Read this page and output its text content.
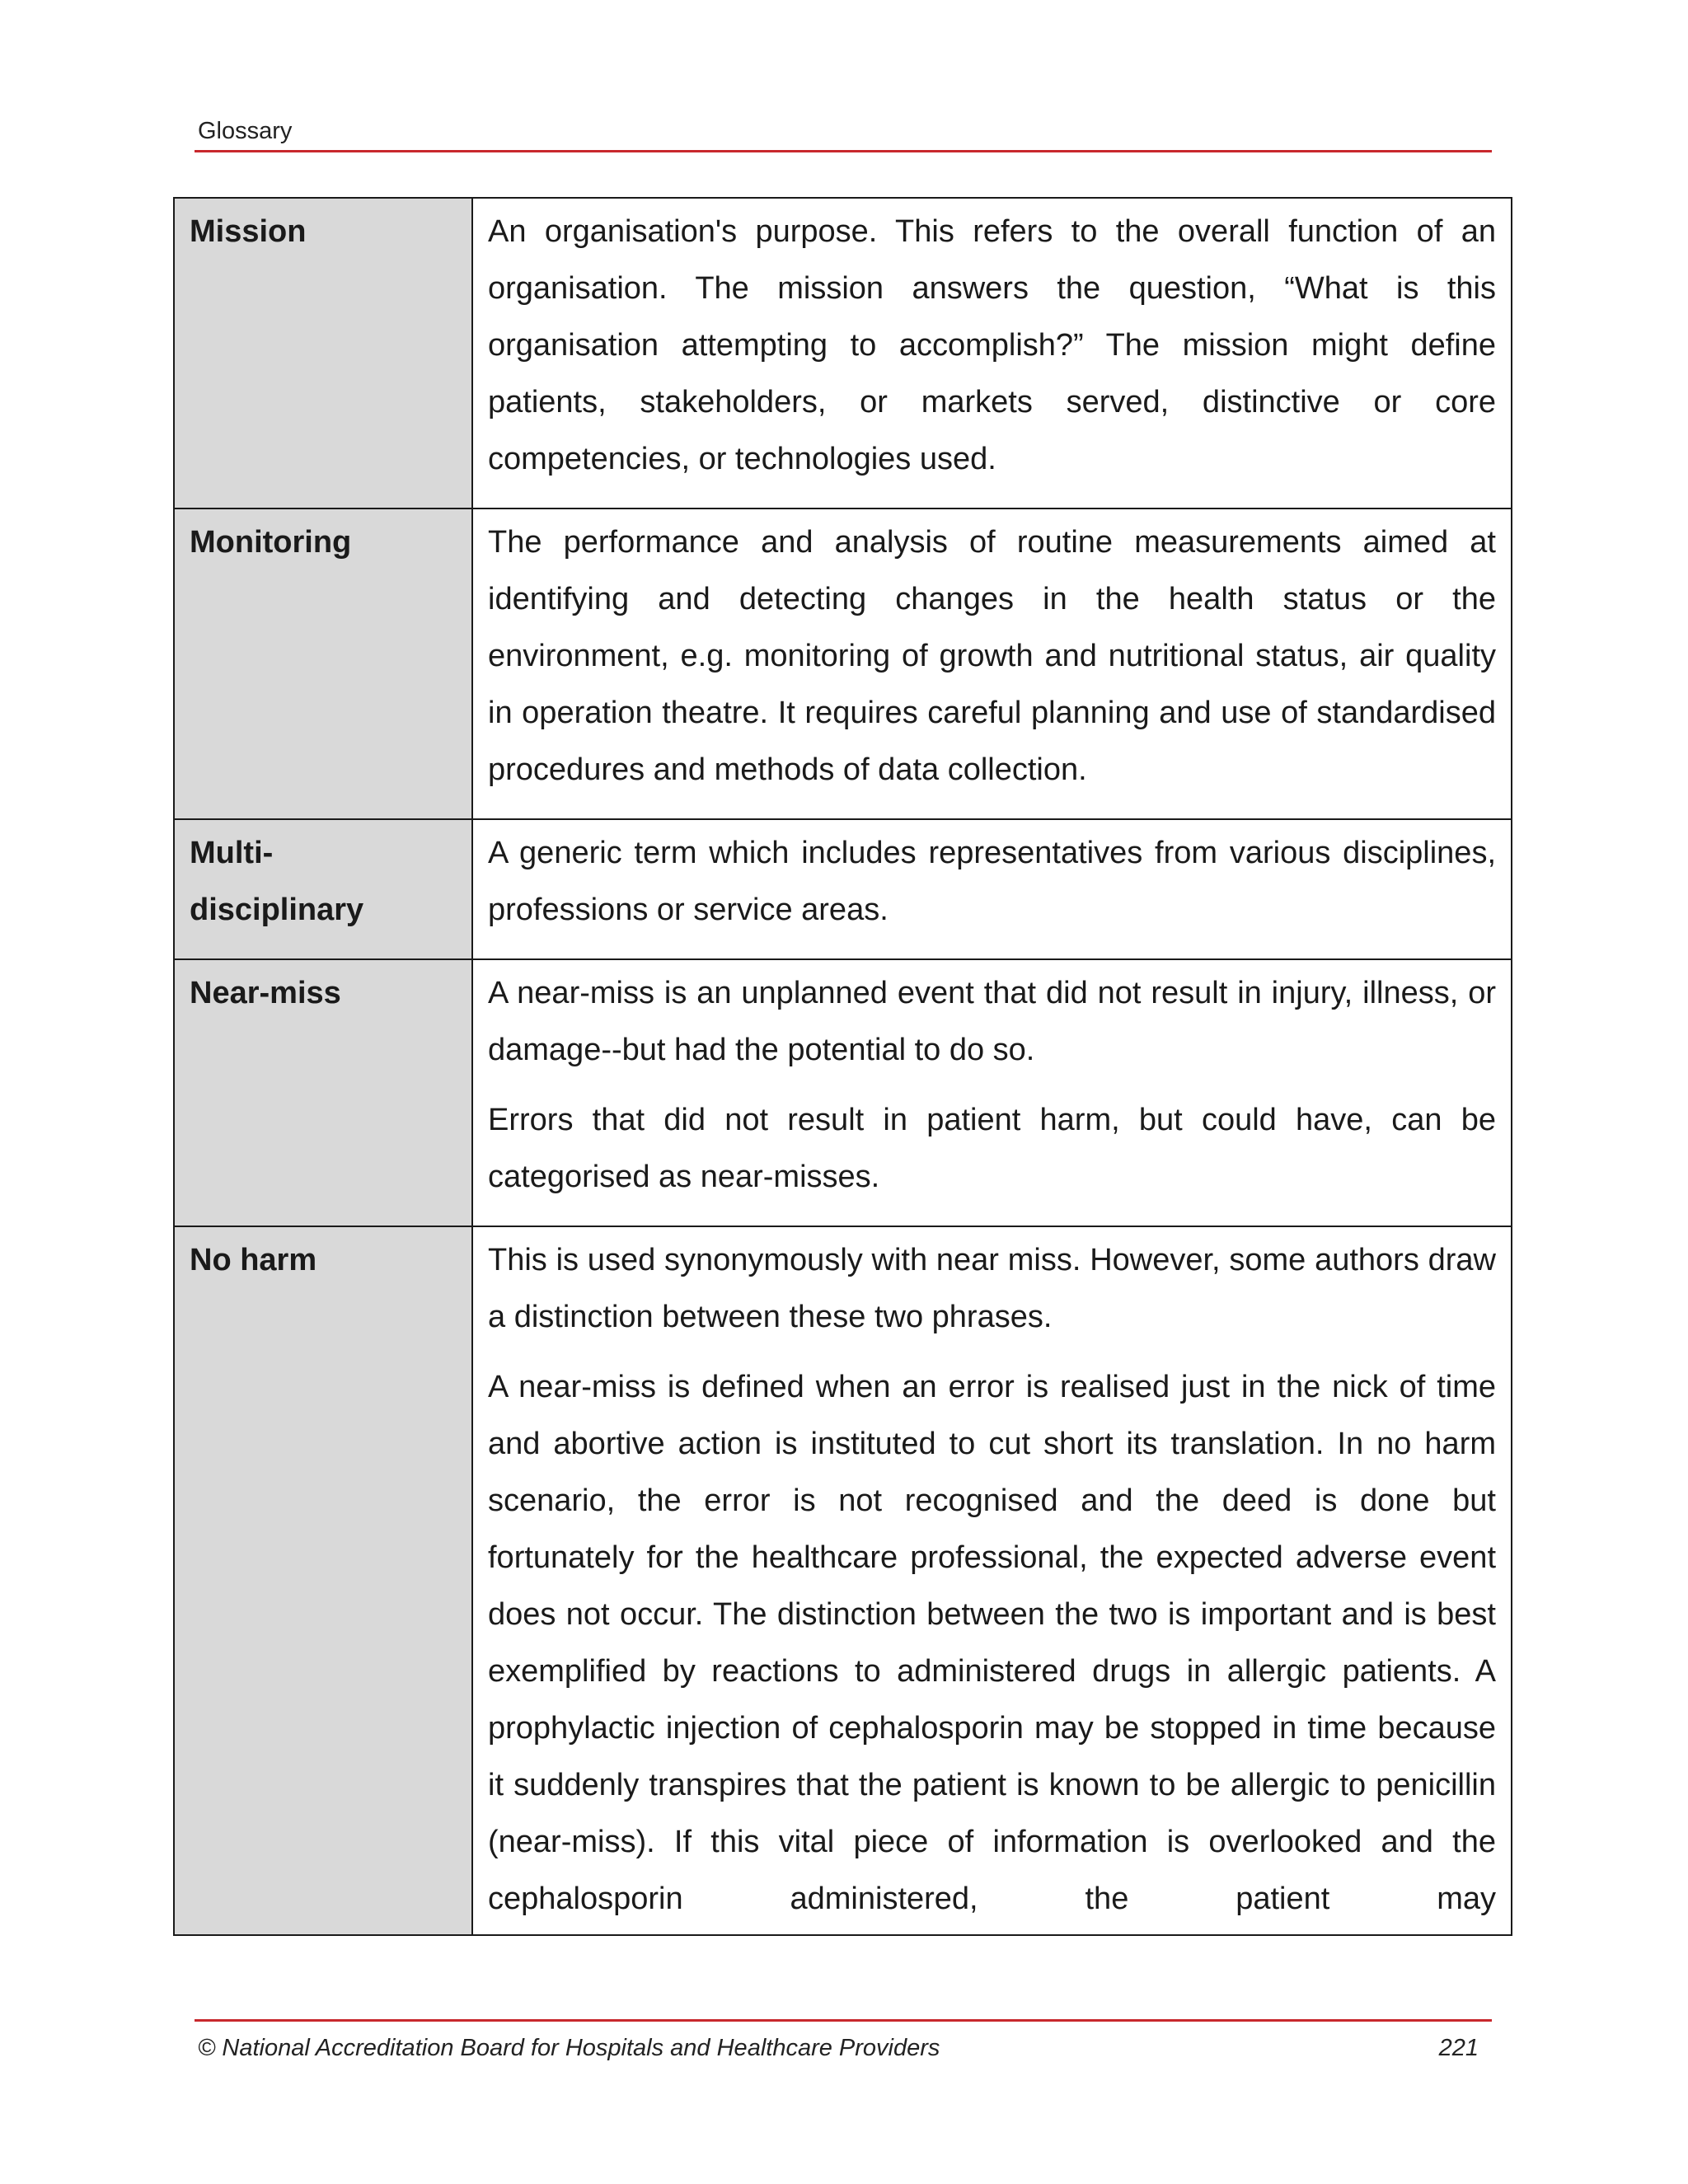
Glossary
Mission	An organisation's purpose. This refers to the overall function of an organisation. The mission answers the question, “What is this organisation attempting to accomplish?” The mission might define patients, stakeholders, or markets served, distinctive or core competencies, or technologies used.

Monitoring	The performance and analysis of routine measurements aimed at identifying and detecting changes in the health status or the environment, e.g. monitoring of growth and nutritional status, air quality in operation theatre. It requires careful planning and use of standardised procedures and methods of data collection.

Multi-disciplinary	A generic term which includes representatives from various disciplines, professions or service areas.

Near-miss	A near-miss is an unplanned event that did not result in injury, illness, or damage--but had the potential to do so.

Errors that did not result in patient harm, but could have, can be categorised as near-misses.

No harm	This is used synonymously with near miss. However, some authors draw a distinction between these two phrases.

A near-miss is defined when an error is realised just in the nick of time and abortive action is instituted to cut short its translation. In no harm scenario, the error is not recognised and the deed is done but fortunately for the healthcare professional, the expected adverse event does not occur. The distinction between the two is important and is best exemplified by reactions to administered drugs in allergic patients. A prophylactic injection of cephalosporin may be stopped in time because it suddenly transpires that the patient is known to be allergic to penicillin (near-miss). If this vital piece of information is overlooked and the cephalosporin administered, the patient may

© National Accreditation Board for Hospitals and Healthcare Providers	221
